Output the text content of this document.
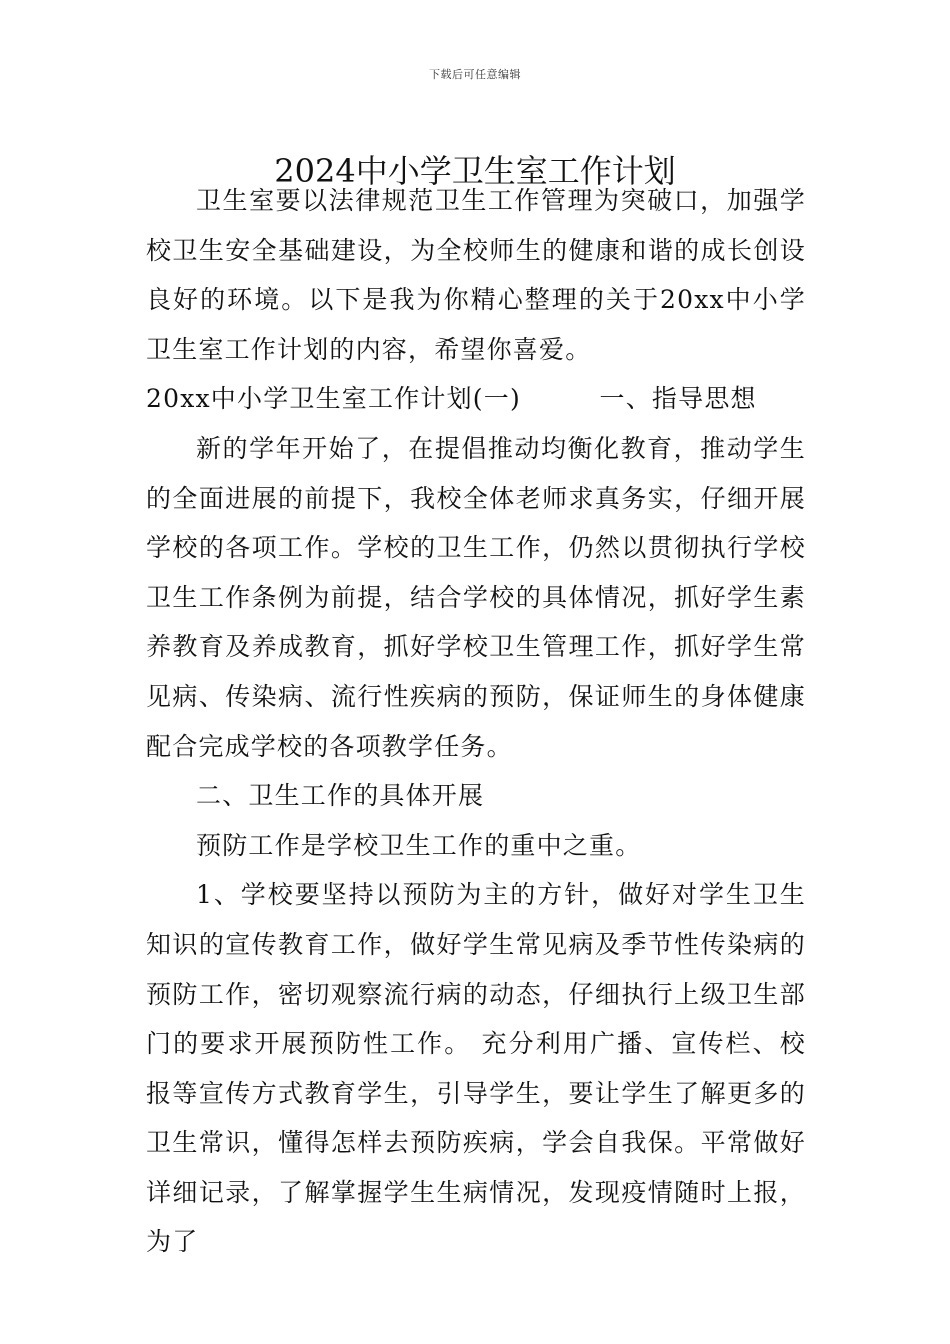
下载后可任意编辑
2024中小学卫生室工作计划

卫生室要以法律规范卫生工作管理为突破口，加强学校卫生安全基础建设，为全校师生的健康和谐的成长创设良好的环境。以下是我为你精心整理的关于20xx中小学卫生室工作计划的内容，希望你喜爱。

20xx中小学卫生室工作计划(一)　　　一、指导思想

新的学年开始了，在提倡推动均衡化教育，推动学生的全面进展的前提下，我校全体老师求真务实，仔细开展学校的各项工作。学校的卫生工作，仍然以贯彻执行学校卫生工作条例为前提，结合学校的具体情况，抓好学生素养教育及养成教育，抓好学校卫生管理工作，抓好学生常见病、传染病、流行性疾病的预防，保证师生的身体健康配合完成学校的各项教学任务。

二、卫生工作的具体开展

预防工作是学校卫生工作的重中之重。

1、学校要坚持以预防为主的方针，做好对学生卫生知识的宣传教育工作，做好学生常见病及季节性传染病的预防工作，密切观察流行病的动态，仔细执行上级卫生部门的要求开展预防性工作。 充分利用广播、宣传栏、校报等宣传方式教育学生，引导学生，要让学生了解更多的卫生常识，懂得怎样去预防疾病，学会自我保。平常做好详细记录，了解掌握学生生病情况，发现疫情随时上报，为了
